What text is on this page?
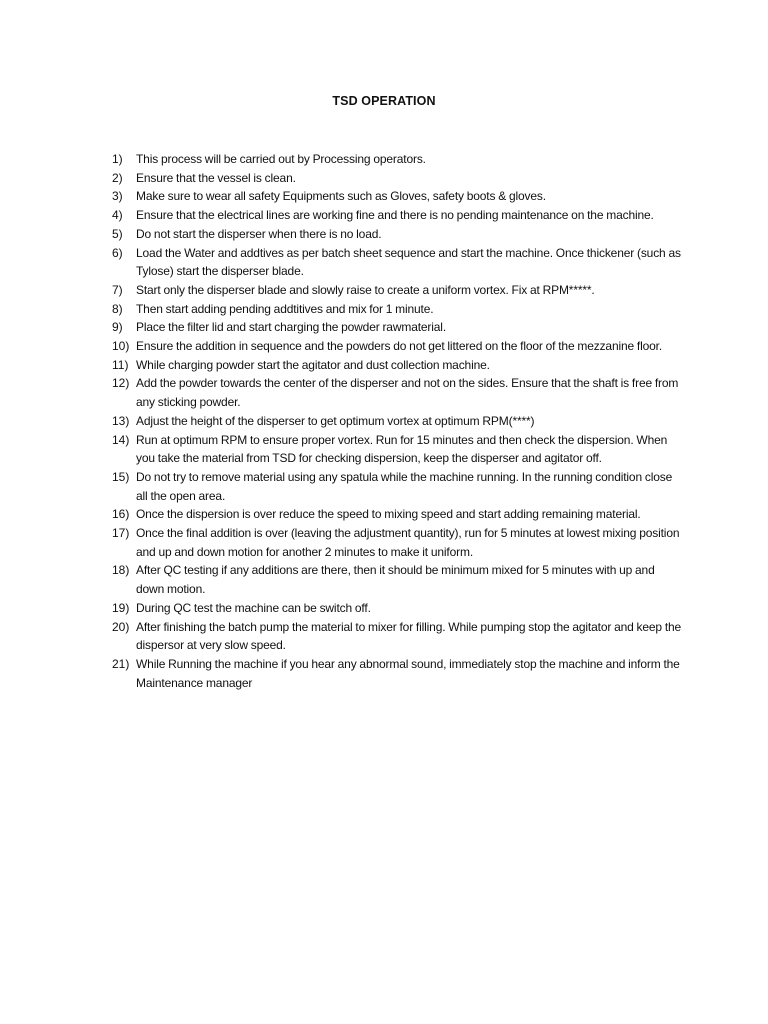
TSD OPERATION
1)	This process will be carried out by Processing operators.
2)	Ensure that the vessel is clean.
3)	Make sure to wear all safety Equipments such as Gloves, safety boots & gloves.
4)	Ensure that the electrical lines are working fine and there is no pending maintenance on the machine.
5)	Do not start the disperser when there is no load.
6)	Load the Water and addtives as per batch sheet sequence and start the machine. Once thickener (such as Tylose) start the disperser blade.
7)	Start only the disperser blade and slowly raise to create a uniform vortex. Fix at RPM*****.
8)	Then start adding pending addtitives and mix for 1 minute.
9)	Place the filter lid and start charging the powder rawmaterial.
10) Ensure the addition in sequence and the powders do not get littered on the floor of the mezzanine floor.
11) While charging powder start the agitator and dust collection machine.
12) Add the powder towards the center of the disperser and not on the sides. Ensure that the shaft is free from any sticking powder.
13) Adjust the height of the disperser to get optimum vortex at optimum RPM(****)
14) Run at optimum RPM to ensure proper vortex. Run for 15 minutes and then check the dispersion. When you take the material from TSD for checking dispersion, keep the disperser and agitator off.
15) Do not try to remove material using any spatula while the machine running. In the running condition close all the open area.
16) Once the dispersion is over reduce the speed to mixing speed and start adding remaining material.
17) Once the final addition is over (leaving the adjustment quantity), run for 5 minutes at lowest mixing position and up and down motion for another 2 minutes to make it uniform.
18) After QC testing if any additions are there, then it should be minimum mixed for 5 minutes with up and down motion.
19) During QC test the machine can be switch off.
20) After finishing the batch pump the material to mixer for filling. While pumping stop the agitator and keep the dispersor at very slow speed.
21) While Running the machine if you hear any abnormal sound, immediately stop the machine and inform the Maintenance manager
